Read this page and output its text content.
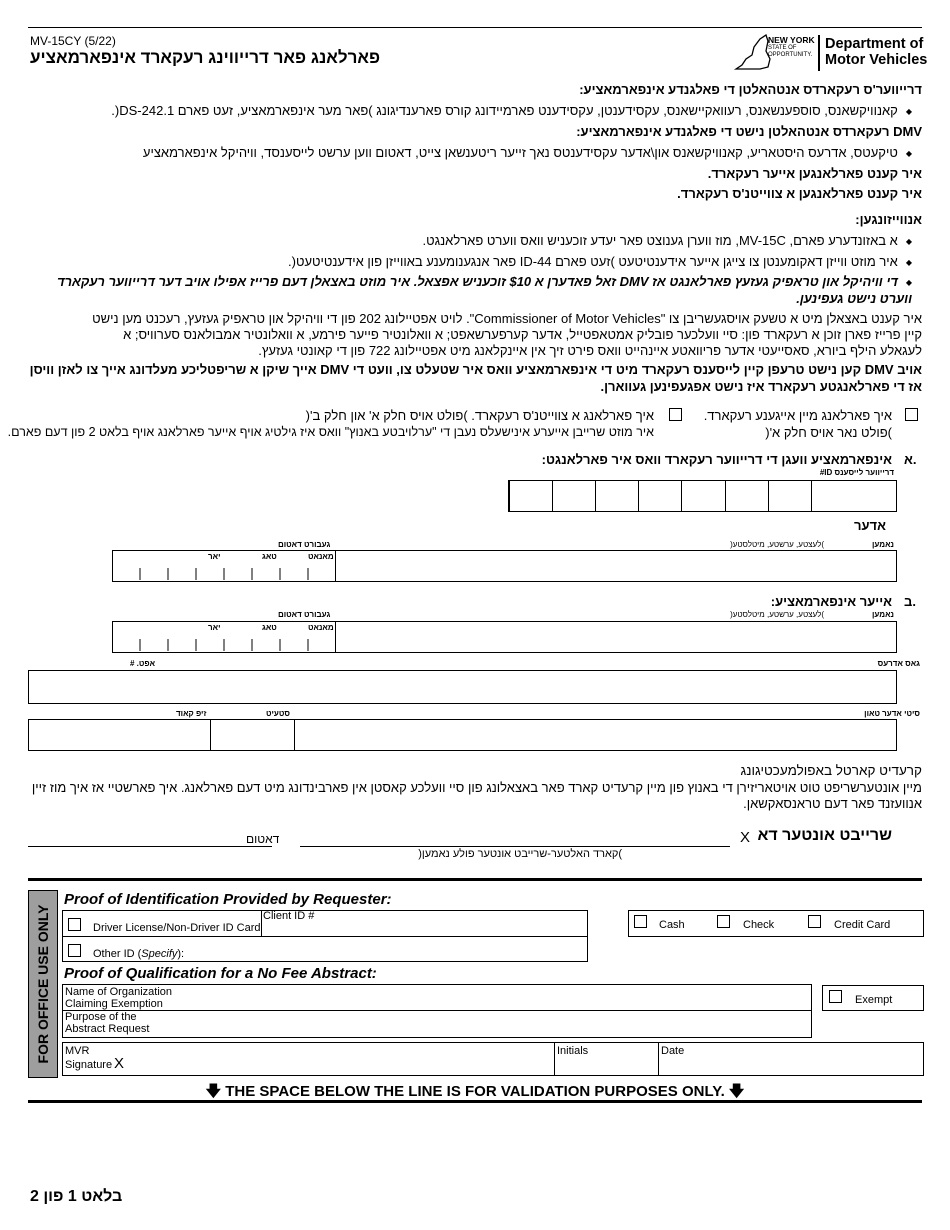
MV-15CY (5/22)
פארלאנג פאר דרייווינג רעקארד אינפארמאציע
NEW YORK
STATE OF
OPPORTUNITY.
Department of
Motor Vehicles
דרייווער'ס רעקארדס אנטהאלטן די פאלגנדע אינפארמאציע:
◆ קאנוויקשאנס, סוספענשאנס, רעוואקיישאנס, עקסידענטן, עקסידענט פארמיידונג קורס פארענדיגונג )פאר מער אינפארמאציע, זעט פארם DS-242.1(.
DMV רעקארדס אנטהאלטן נישט די פאלגנדע אינפארמאציע:
◆ טיקעטס, אדרעס היסטאריע, קאנוויקשאנס און\אדער עקסידענטס נאך זייער ריטענשאן צייט, דאטום ווען ערשט לייסענסד, וויהיקל אינפארמאציע
איר קענט פארלאנגען אייער רעקארד.
איר קענט פארלאנגען א צווייטנ'ס רעקארד.
אנווייזונגען:
◆ א באזונדערע פארם, MV-15C, מוז ווערן גענוצט פאר יעדע זוכעניש וואס ווערט פארלאנגט.
◆ איר מוזט ווייזן דאקומענטן צו צייגן אייער אידענטיטעט )זעט פארם ID-44 פאר אנגענומענע באווייזן פון אידענטיטעט(.
◆ די וויהיקל און טראפיק געזעץ פארלאנגט אז DMV זאל פאדערן א $10 זוכעניש אפצאל. איר מוזט באצאלן דעם פרייז אפילו אויב דער דרייווער רעקארד
ווערט נישט געפינען.
איר קענט באצאלן מיט א טשעק אויסגעשריבן צו "Commissioner of Motor Vehicles". לויט אפטיילונג 202 פון די וויהיקל און טראפיק געזעץ, רעכנט מען נישט
קיין פרייז פארן זוכן א רעקארד פון: סיי וועלכער פובליק אמטאפטייל, אדער קערפערשאפט; א וואלונטיר פייער פירמע, א וואלונטיר אמבולאנס סערוויס; א
לעגאלע הילף ביורא, סאסייעטי אדער פריוואטע איינהייט וואס פירט זיך אין איינקלאנג מיט אפטיילונג 722 פון די קאונטי געזעץ.
אויב DMV קען נישט טרעפן קיין לייסענס רעקארד מיט די אינפארמאציע וואס איר שטעלט צו, וועט די DMV אייך שיקן א שריפטליכע מעלדונג אייך צו לאזן וויסן
אז די פארלאנגטע רעקארד איז נישט אפגעפינען געווארן.
איך פארלאנג מיין אייגענע רעקארד.
)פולט נאר אויס חלק א'(
איך פארלאנג א צווייטנ'ס רעקארד. )פולט אויס חלק א' און חלק ב'(
איר מוזט שרייבן אייערע אינישעלס נעבן די "ערלויבטע באנוץ" וואס איז גילטיג אויף אייער פארלאנג אויף בלאט 2 פון דעם פארם.
א.
אינפארמאציע וועגן די דרייווער רעקארד וואס איר פארלאנגט:
דרייווער לייסענס ID#
אדער
)לעצטע, ערשטע, מיטלסטע(	נאמען
געבורט דאטום
מאנאט
טאג
יאר
ב.
אייער אינפארמאציע:
)לעצטע, ערשטע, מיטלסטע(	נאמען
געבורט דאטום
מאנאט
טאג
יאר
גאס אדרעס
אפט. #
סיטי אדער טאון
סטעיט
זיפ קאוד
קרעדיט קארטל באפולמעכטיגונג
מיין אונטערשריפט טוט אויטאריזירן די באנוץ פון מיין קרעדיט קארד פאר באצאלונג פון סיי וועלכע קאסטן אין פארבינדונג מיט דעם פארלאנג. איך פארשטיי אז איך מוז זיין
אנוועזנד פאר דעם טראנסאקשאן.
שרייבט אונטער דא
X
)קארד האלטער-שרייבט אונטער פולע נאמען(
דאטום
FOR OFFICE USE ONLY
Proof of Identification Provided by Requester:
Driver License/Non-Driver ID Card
Client ID #
Cash	Check	Credit Card
Other ID (Specify):
Proof of Qualification for a No Fee Abstract:
Name of Organization
Claiming Exemption
Purpose of the
Abstract Request
Exempt
MVR
Signature X
Initials	Date
🡇 THE SPACE BELOW THE LINE IS FOR VALIDATION PURPOSES ONLY. 🡇
בלאט 1 פון 2
